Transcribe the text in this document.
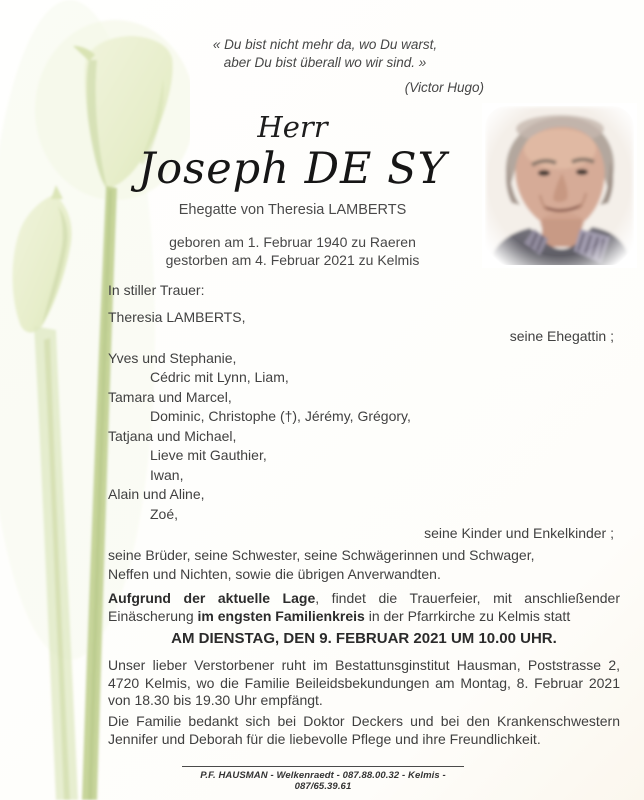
« Du bist nicht mehr da, wo Du warst,
aber Du bist überall wo wir sind. »
(Victor Hugo)
Herr
Joseph DE SY
Ehegatte von Theresia LAMBERTS
geboren am 1. Februar 1940 zu Raeren
gestorben am 4. Februar 2021 zu Kelmis
In stiller Trauer:
Theresia LAMBERTS,
seine Ehegattin ;
Yves und Stephanie,
Cédric mit Lynn, Liam,
Tamara und Marcel,
Dominic, Christophe (†), Jérémy, Grégory,
Tatjana und Michael,
Lieve mit Gauthier,
Iwan,
Alain und Aline,
Zoé,
seine Kinder und Enkelkinder ;
seine Brüder, seine Schwester, seine Schwägerinnen und Schwager,
Neffen und Nichten, sowie die übrigen Anverwandten.
Aufgrund der aktuelle Lage, findet die Trauerfeier, mit anschließender Einäscherung im engsten Familienkreis in der Pfarrkirche zu Kelmis statt
AM DIENSTAG, DEN 9. FEBRUAR 2021 UM 10.00 UHR.
Unser lieber Verstorbener ruht im Bestattunsginstitut Hausman, Poststrasse 2, 4720 Kelmis, wo die Familie Beileidsbekundungen am Montag, 8. Februar 2021 von 18.30 bis 19.30 Uhr empfängt.
Die Familie bedankt sich bei Doktor Deckers und bei den Krankenschwestern Jennifer und Deborah für die liebevolle Pflege und ihre Freundlichkeit.
P.F. HAUSMAN - Welkenraedt - 087.88.00.32 - Kelmis - 087/65.39.61
